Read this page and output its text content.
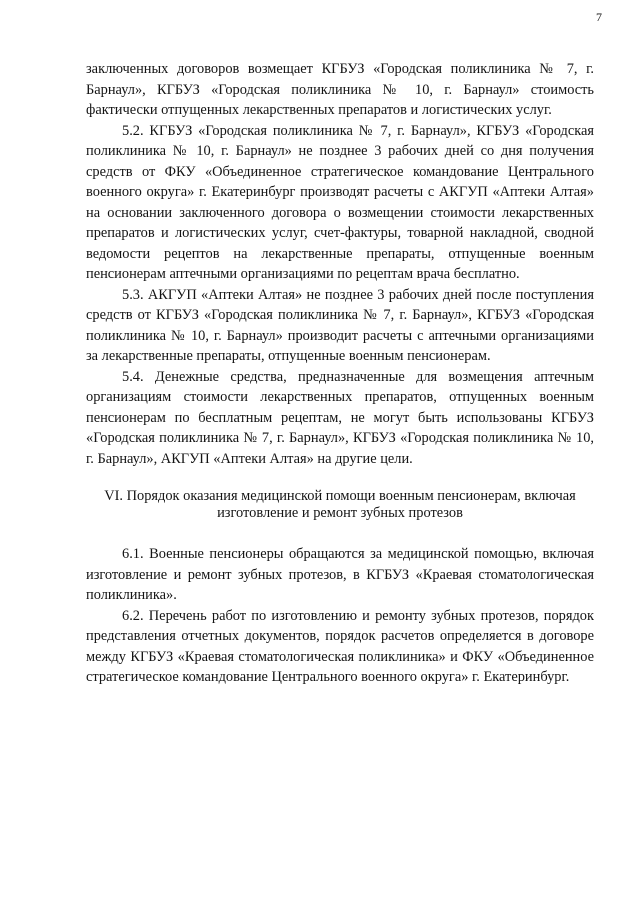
7

заключенных договоров возмещает КГБУЗ «Городская поликлиника № 7, г. Барнаул», КГБУЗ «Городская поликлиника № 10, г. Барнаул» стоимость фактически отпущенных лекарственных препаратов и логистических услуг.

5.2. КГБУЗ «Городская поликлиника № 7, г. Барнаул», КГБУЗ «Городская поликлиника № 10, г. Барнаул» не позднее 3 рабочих дней со дня получения средств от ФКУ «Объединенное стратегическое командование Центрального военного округа» г. Екатеринбург производят расчеты с АКГУП «Аптеки Алтая» на основании заключенного договора о возмещении стоимости лекарственных препаратов и логистических услуг, счет-фактуры, товарной накладной, сводной ведомости рецептов на лекарственные препараты, отпущенные военным пенсионерам аптечными организациями по рецептам врача бесплатно.

5.3. АКГУП «Аптеки Алтая» не позднее 3 рабочих дней после поступления средств от КГБУЗ «Городская поликлиника № 7, г. Барнаул», КГБУЗ «Городская поликлиника № 10, г. Барнаул» производит расчеты с аптечными организациями за лекарственные препараты, отпущенные военным пенсионерам.

5.4. Денежные средства, предназначенные для возмещения аптечным организациям стоимости лекарственных препаратов, отпущенных военным пенсионерам по бесплатным рецептам, не могут быть использованы КГБУЗ «Городская поликлиника № 7, г. Барнаул», КГБУЗ «Городская поликлиника № 10, г. Барнаул», АКГУП «Аптеки Алтая» на другие цели.

VI. Порядок оказания медицинской помощи военным пенсионерам, включая
изготовление и ремонт зубных протезов

6.1. Военные пенсионеры обращаются за медицинской помощью, включая изготовление и ремонт зубных протезов, в КГБУЗ «Краевая стоматологическая поликлиника».

6.2. Перечень работ по изготовлению и ремонту зубных протезов, порядок представления отчетных документов, порядок расчетов определяется в договоре между КГБУЗ «Краевая стоматологическая поликлиника» и ФКУ «Объединенное стратегическое командование Центрального военного округа» г. Екатеринбург.
